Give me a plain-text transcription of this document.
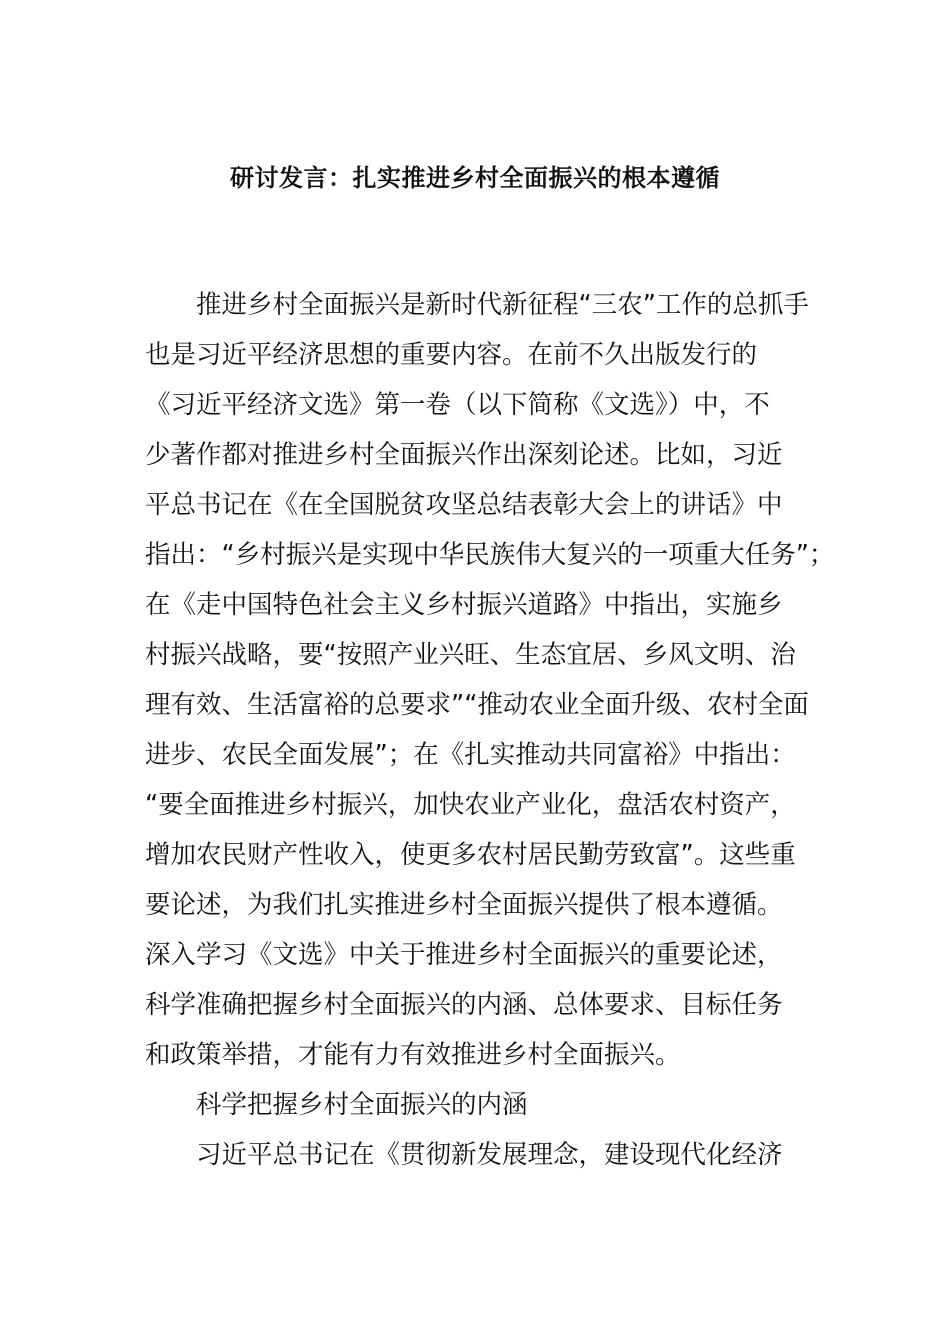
研讨发言：扎实推进乡村全面振兴的根本遵循
推进乡村全面振兴是新时代新征程“三农”工作的总抓手
也是习近平经济思想的重要内容。在前不久出版发行的
《习近平经济文选》第一卷（以下简称《文选》）中，不
少著作都对推进乡村全面振兴作出深刻论述。比如，习近
平总书记在《在全国脱贫攻坚总结表彰大会上的讲话》中
指出：“乡村振兴是实现中华民族伟大复兴的一项重大任务”；
在《走中国特色社会主义乡村振兴道路》中指出，实施乡
村振兴战略，要“按照产业兴旺、生态宜居、乡风文明、治
理有效、生活富裕的总要求”“推动农业全面升级、农村全面
进步、农民全面发展”；在《扎实推动共同富裕》中指出：
“要全面推进乡村振兴，加快农业产业化，盘活农村资产，
增加农民财产性收入，使更多农村居民勤劳致富”。这些重
要论述，为我们扎实推进乡村全面振兴提供了根本遵循。
深入学习《文选》中关于推进乡村全面振兴的重要论述，
科学准确把握乡村全面振兴的内涵、总体要求、目标任务
和政策举措，才能有力有效推进乡村全面振兴。
科学把握乡村全面振兴的内涵
习近平总书记在《贯彻新发展理念，建设现代化经济
